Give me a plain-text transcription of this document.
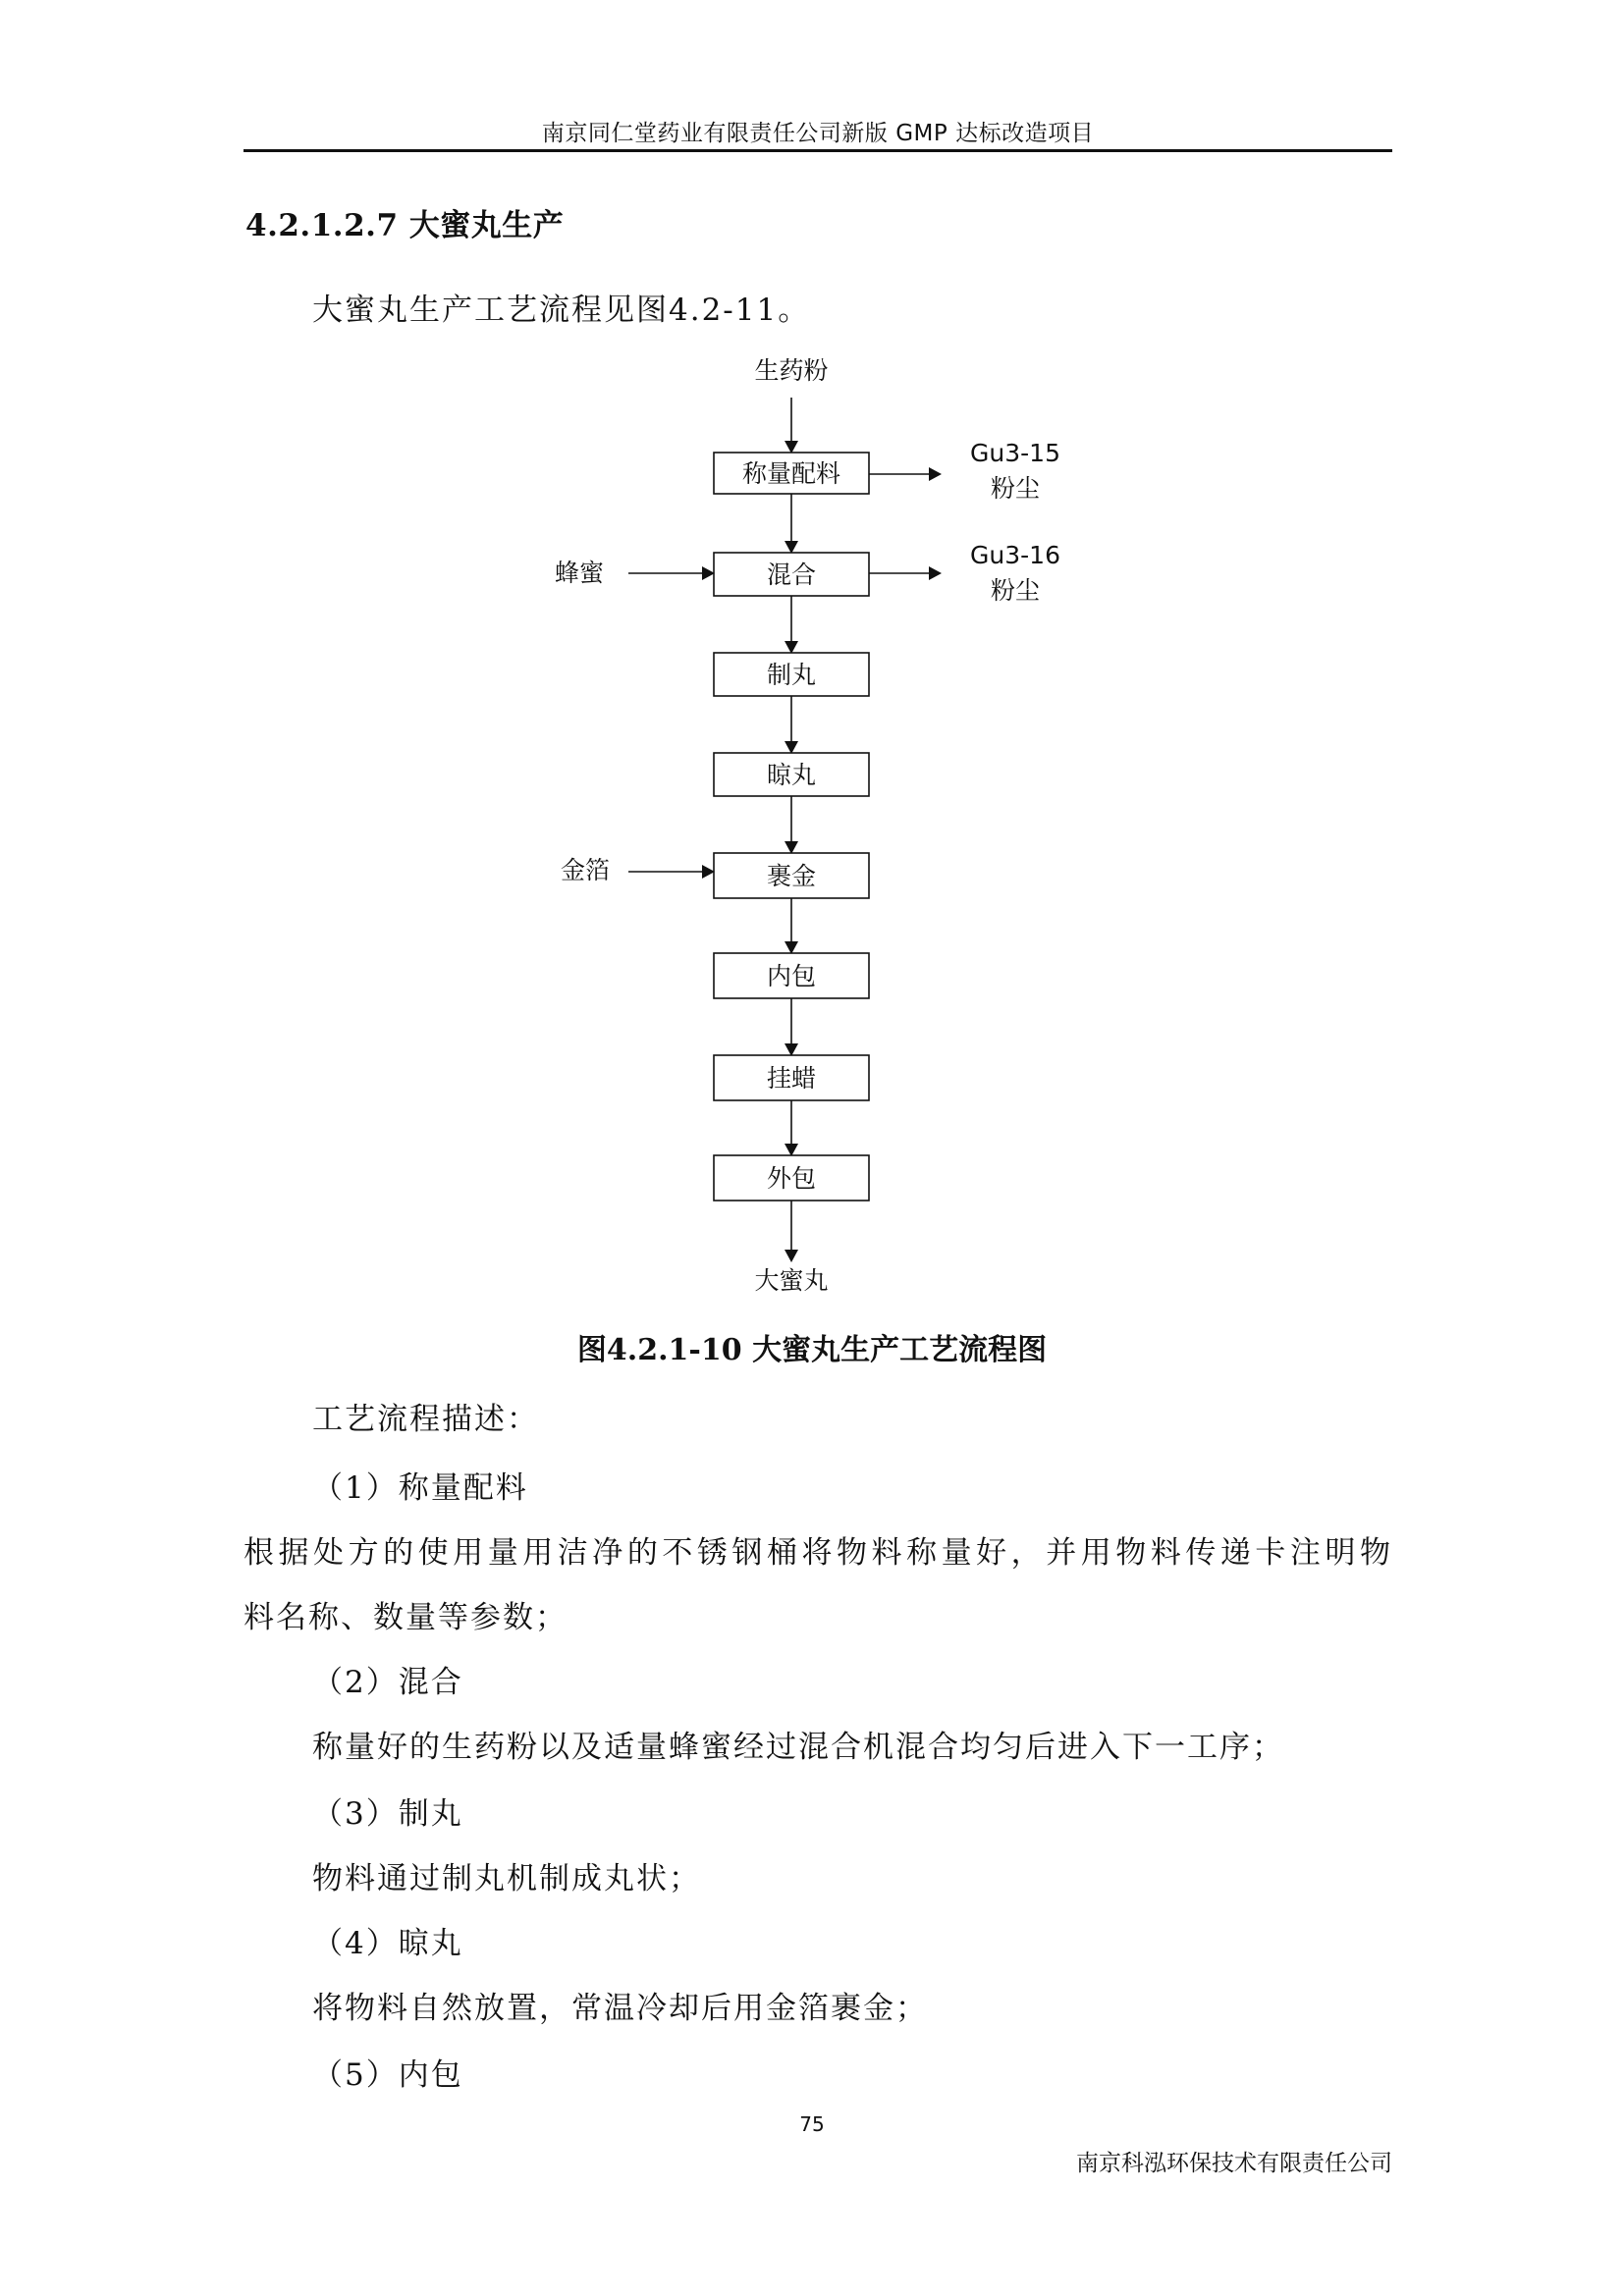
南京同仁堂药业有限责任公司新版 GMP 达标改造项目
4.2.1.2.7 大蜜丸生产
大蜜丸生产工艺流程见图4.2-11。
生药粉
称量配料
混合
制丸
晾丸
裹金
内包
挂蜡
外包
大蜜丸
蜂蜜
金箔
Gu3-15
粉尘
Gu3-16
粉尘
图4.2.1-10 大蜜丸生产工艺流程图
工艺流程描述：
（1）称量配料
根据处方的使用量用洁净的不锈钢桶将物料称量好，并用物料传递卡注明物
料名称、数量等参数；
（2）混合
称量好的生药粉以及适量蜂蜜经过混合机混合均匀后进入下一工序；
（3）制丸
物料通过制丸机制成丸状；
（4）晾丸
将物料自然放置，常温冷却后用金箔裹金；
（5）内包
75
南京科泓环保技术有限责任公司
